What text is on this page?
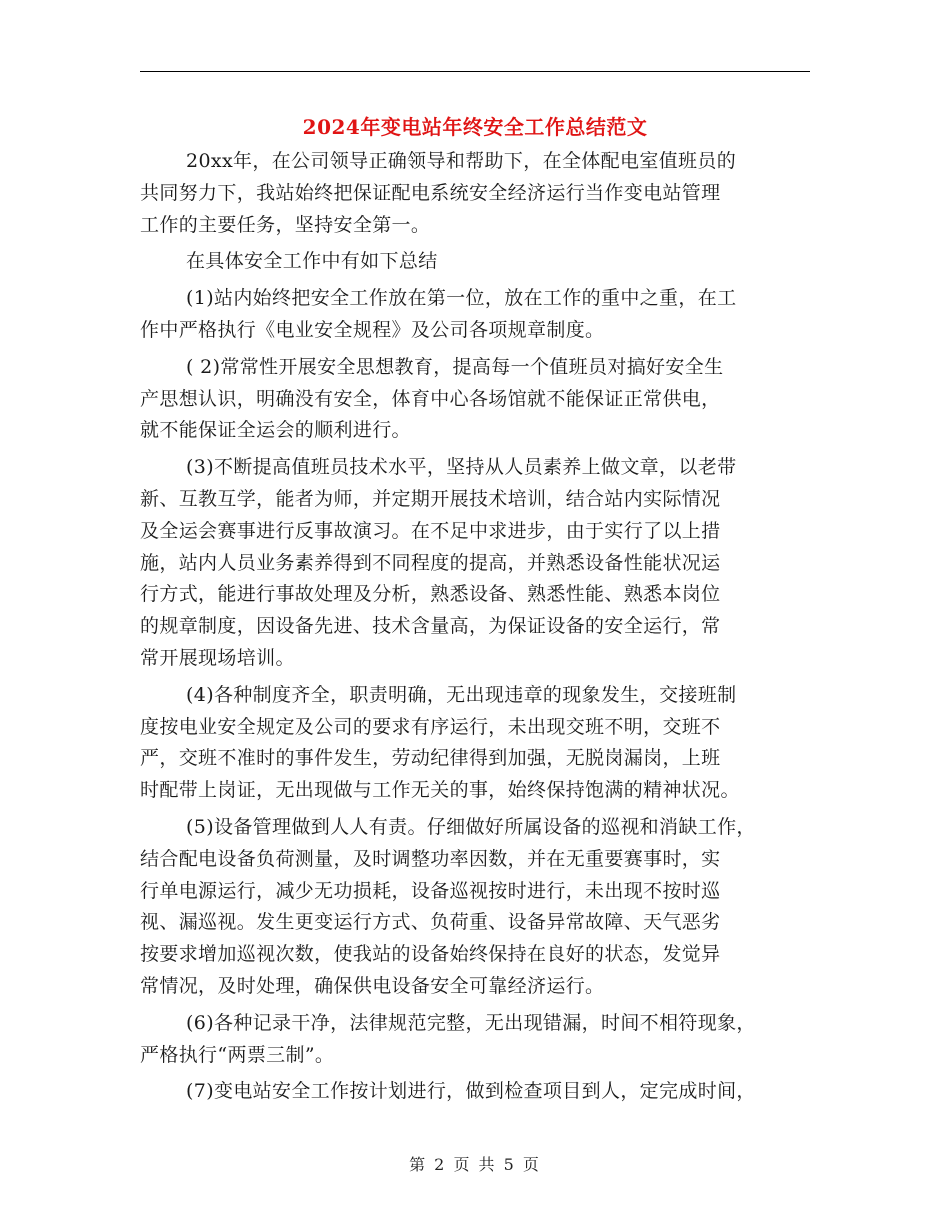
2024年变电站年终安全工作总结范文
20xx年，在公司领导正确领导和帮助下，在全体配电室值班员的
共同努力下，我站始终把保证配电系统安全经济运行当作变电站管理
工作的主要任务，坚持安全第一。
在具体安全工作中有如下总结
(1)站内始终把安全工作放在第一位，放在工作的重中之重，在工
作中严格执行《电业安全规程》及公司各项规章制度。
( 2)常常性开展安全思想教育，提高每一个值班员对搞好安全生
产思想认识，明确没有安全，体育中心各场馆就不能保证正常供电，
就不能保证全运会的顺利进行。
(3)不断提高值班员技术水平，坚持从人员素养上做文章，以老带
新、互教互学，能者为师，并定期开展技术培训，结合站内实际情况
及全运会赛事进行反事故演习。在不足中求进步，由于实行了以上措
施，站内人员业务素养得到不同程度的提高，并熟悉设备性能状况运
行方式，能进行事故处理及分析，熟悉设备、熟悉性能、熟悉本岗位
的规章制度，因设备先进、技术含量高，为保证设备的安全运行，常
常开展现场培训。
(4)各种制度齐全，职责明确，无出现违章的现象发生，交接班制
度按电业安全规定及公司的要求有序运行，未出现交班不明，交班不
严，交班不准时的事件发生，劳动纪律得到加强，无脱岗漏岗，上班
时配带上岗证，无出现做与工作无关的事，始终保持饱满的精神状况。
(5)设备管理做到人人有责。仔细做好所属设备的巡视和消缺工作，
结合配电设备负荷测量，及时调整功率因数，并在无重要赛事时，实
行单电源运行，减少无功损耗，设备巡视按时进行，未出现不按时巡
视、漏巡视。发生更变运行方式、负荷重、设备异常故障、天气恶劣
按要求增加巡视次数，使我站的设备始终保持在良好的状态，发觉异
常情况，及时处理，确保供电设备安全可靠经济运行。
(6)各种记录干净，法律规范完整，无出现错漏，时间不相符现象，
严格执行“两票三制”。
(7)变电站安全工作按计划进行，做到检查项目到人，定完成时间，
第 2 页 共 5 页
